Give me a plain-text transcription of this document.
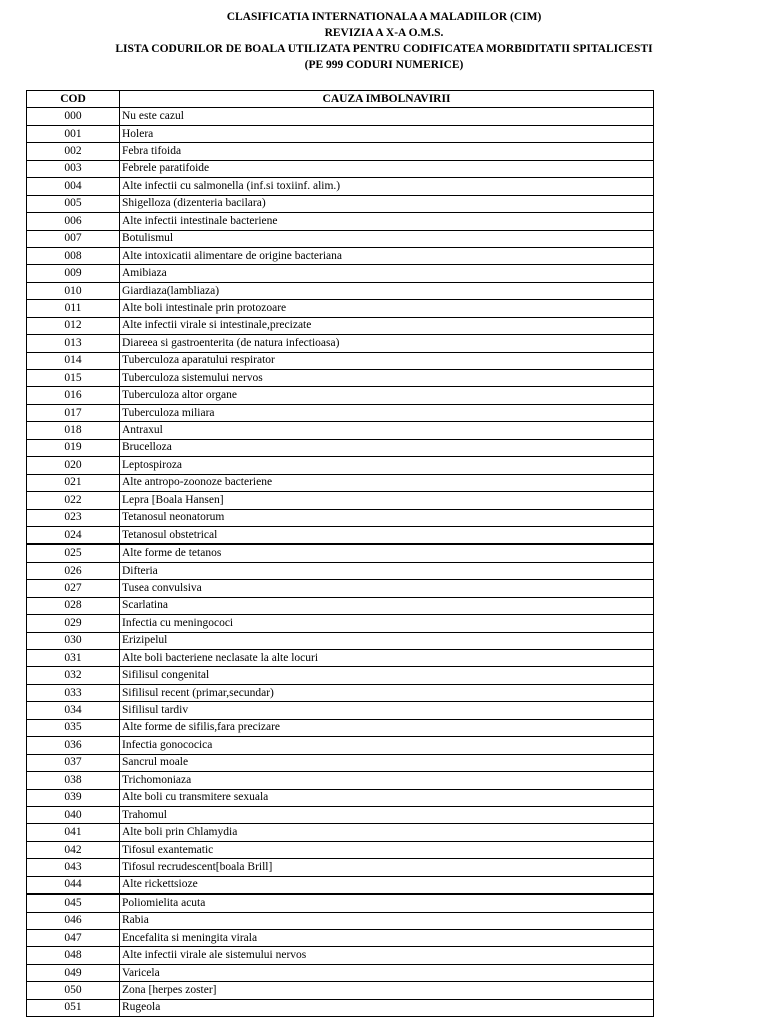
CLASIFICATIA INTERNATIONALA A MALADIILOR (CIM)
REVIZIA A X-A O.M.S.
LISTA CODURILOR DE BOALA UTILIZATA PENTRU CODIFICATEA MORBIDITATII SPITALICESTI
(PE 999 CODURI NUMERICE)
COD	CAUZA IMBOLNAVIRII
000	Nu este cazul
001	Holera
002	Febra tifoida
003	Febrele paratifoide
004	Alte infectii cu salmonella (inf.si toxiinf. alim.)
005	Shigelloza (dizenteria bacilara)
006	Alte infectii intestinale bacteriene
007	Botulismul
008	Alte intoxicatii alimentare de origine bacteriana
009	Amibiaza
010	Giardiaza(lambliaza)
011	Alte boli intestinale prin protozoare
012	Alte infectii virale si intestinale,precizate
013	Diareea si gastroenterita (de natura infectioasa)
014	Tuberculoza aparatului respirator
015	Tuberculoza sistemului nervos
016	Tuberculoza altor organe
017	Tuberculoza miliara
018	Antraxul
019	Brucelloza
020	Leptospiroza
021	Alte antropo-zoonoze bacteriene
022	Lepra [Boala Hansen]
023	Tetanosul neonatorum
024	Tetanosul obstetrical
025	Alte forme de tetanos
026	Difteria
027	Tusea convulsiva
028	Scarlatina
029	Infectia cu meningococi
030	Erizipelul
031	Alte boli bacteriene neclasate la alte locuri
032	Sifilisul congenital
033	Sifilisul recent (primar,secundar)
034	Sifilisul tardiv
035	Alte forme de sifilis,fara precizare
036	Infectia gonococica
037	Sancrul moale
038	Trichomoniaza
039	Alte boli cu transmitere sexuala
040	Trahomul
041	Alte boli prin Chlamydia
042	Tifosul exantematic
043	Tifosul recrudescent[boala Brill]
044	Alte rickettsioze
045	Poliomielita acuta
046	Rabia
047	Encefalita si meningita virala
048	Alte infectii virale ale sistemului nervos
049	Varicela
050	Zona [herpes zoster]
051	Rugeola
